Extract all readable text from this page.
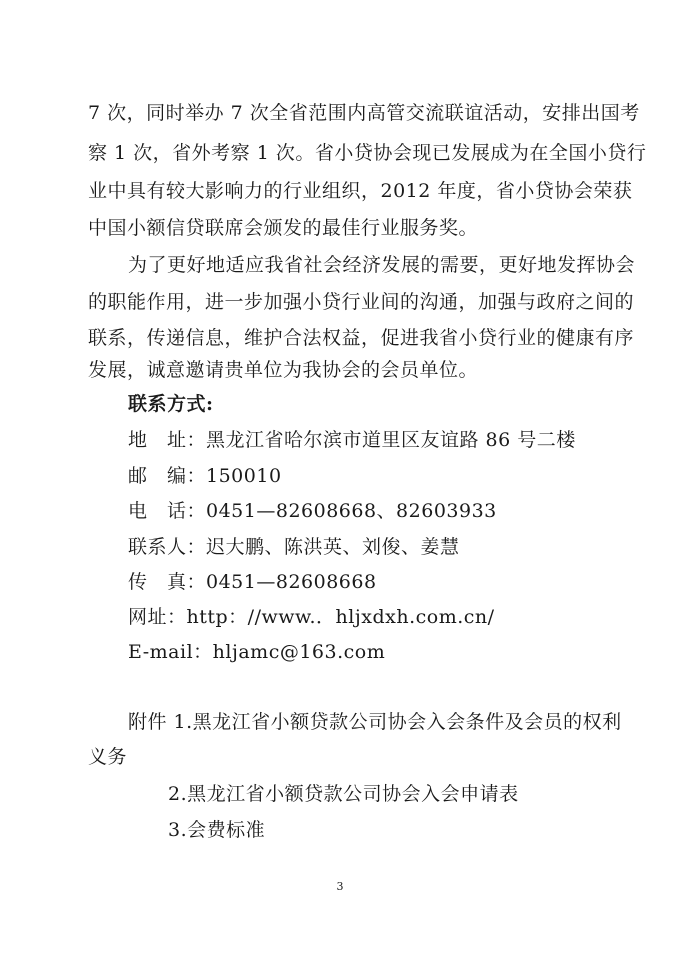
7 次，同时举办 7 次全省范围内高管交流联谊活动，安排出国考
察 1 次，省外考察 1 次。省小贷协会现已发展成为在全国小贷行
业中具有较大影响力的行业组织，2012 年度，省小贷协会荣获
中国小额信贷联席会颁发的最佳行业服务奖。
为了更好地适应我省社会经济发展的需要，更好地发挥协会
的职能作用，进一步加强小贷行业间的沟通，加强与政府之间的
联系，传递信息，维护合法权益，促进我省小贷行业的健康有序
发展，诚意邀请贵单位为我协会的会员单位。
联系方式:
地　址：黑龙江省哈尔滨市道里区友谊路 86 号二楼
邮　编：150010
电　话：0451—82608668、82603933
联系人：迟大鹏、陈洪英、刘俊、姜慧
传　真：0451—82608668
网址：http：//www.．hljxdxh.com.cn/
E-mail：hljamc@163.com
附件 1.黑龙江省小额贷款公司协会入会条件及会员的权利
义务
2.黑龙江省小额贷款公司协会入会申请表
3.会费标准
3
